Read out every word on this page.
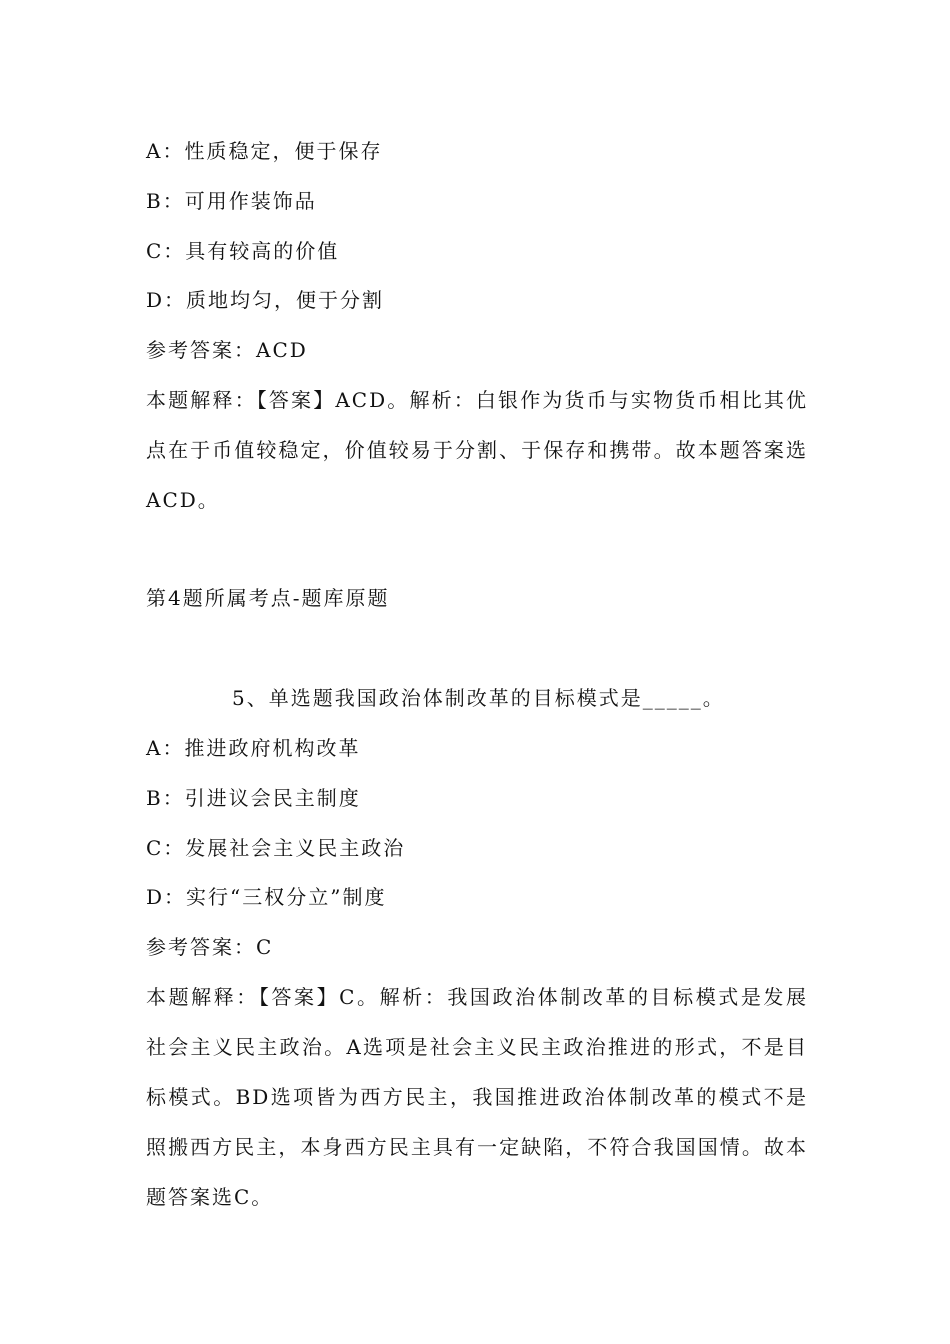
A：性质稳定，便于保存
B：可用作装饰品
C：具有较高的价值
D：质地均匀，便于分割
参考答案：ACD
本题解释：【答案】ACD。解析：白银作为货币与实物货币相比其优点在于币值较稳定，价值较易于分割、于保存和携带。故本题答案选ACD。
第4题所属考点-题库原题
5、单选题我国政治体制改革的目标模式是_____。
A：推进政府机构改革
B：引进议会民主制度
C：发展社会主义民主政治
D：实行“三权分立”制度
参考答案：C
本题解释：【答案】C。解析：我国政治体制改革的目标模式是发展社会主义民主政治。A选项是社会主义民主政治推进的形式，不是目标模式。BD选项皆为西方民主，我国推进政治体制改革的模式不是照搬西方民主，本身西方民主具有一定缺陷，不符合我国国情。故本题答案选C。
